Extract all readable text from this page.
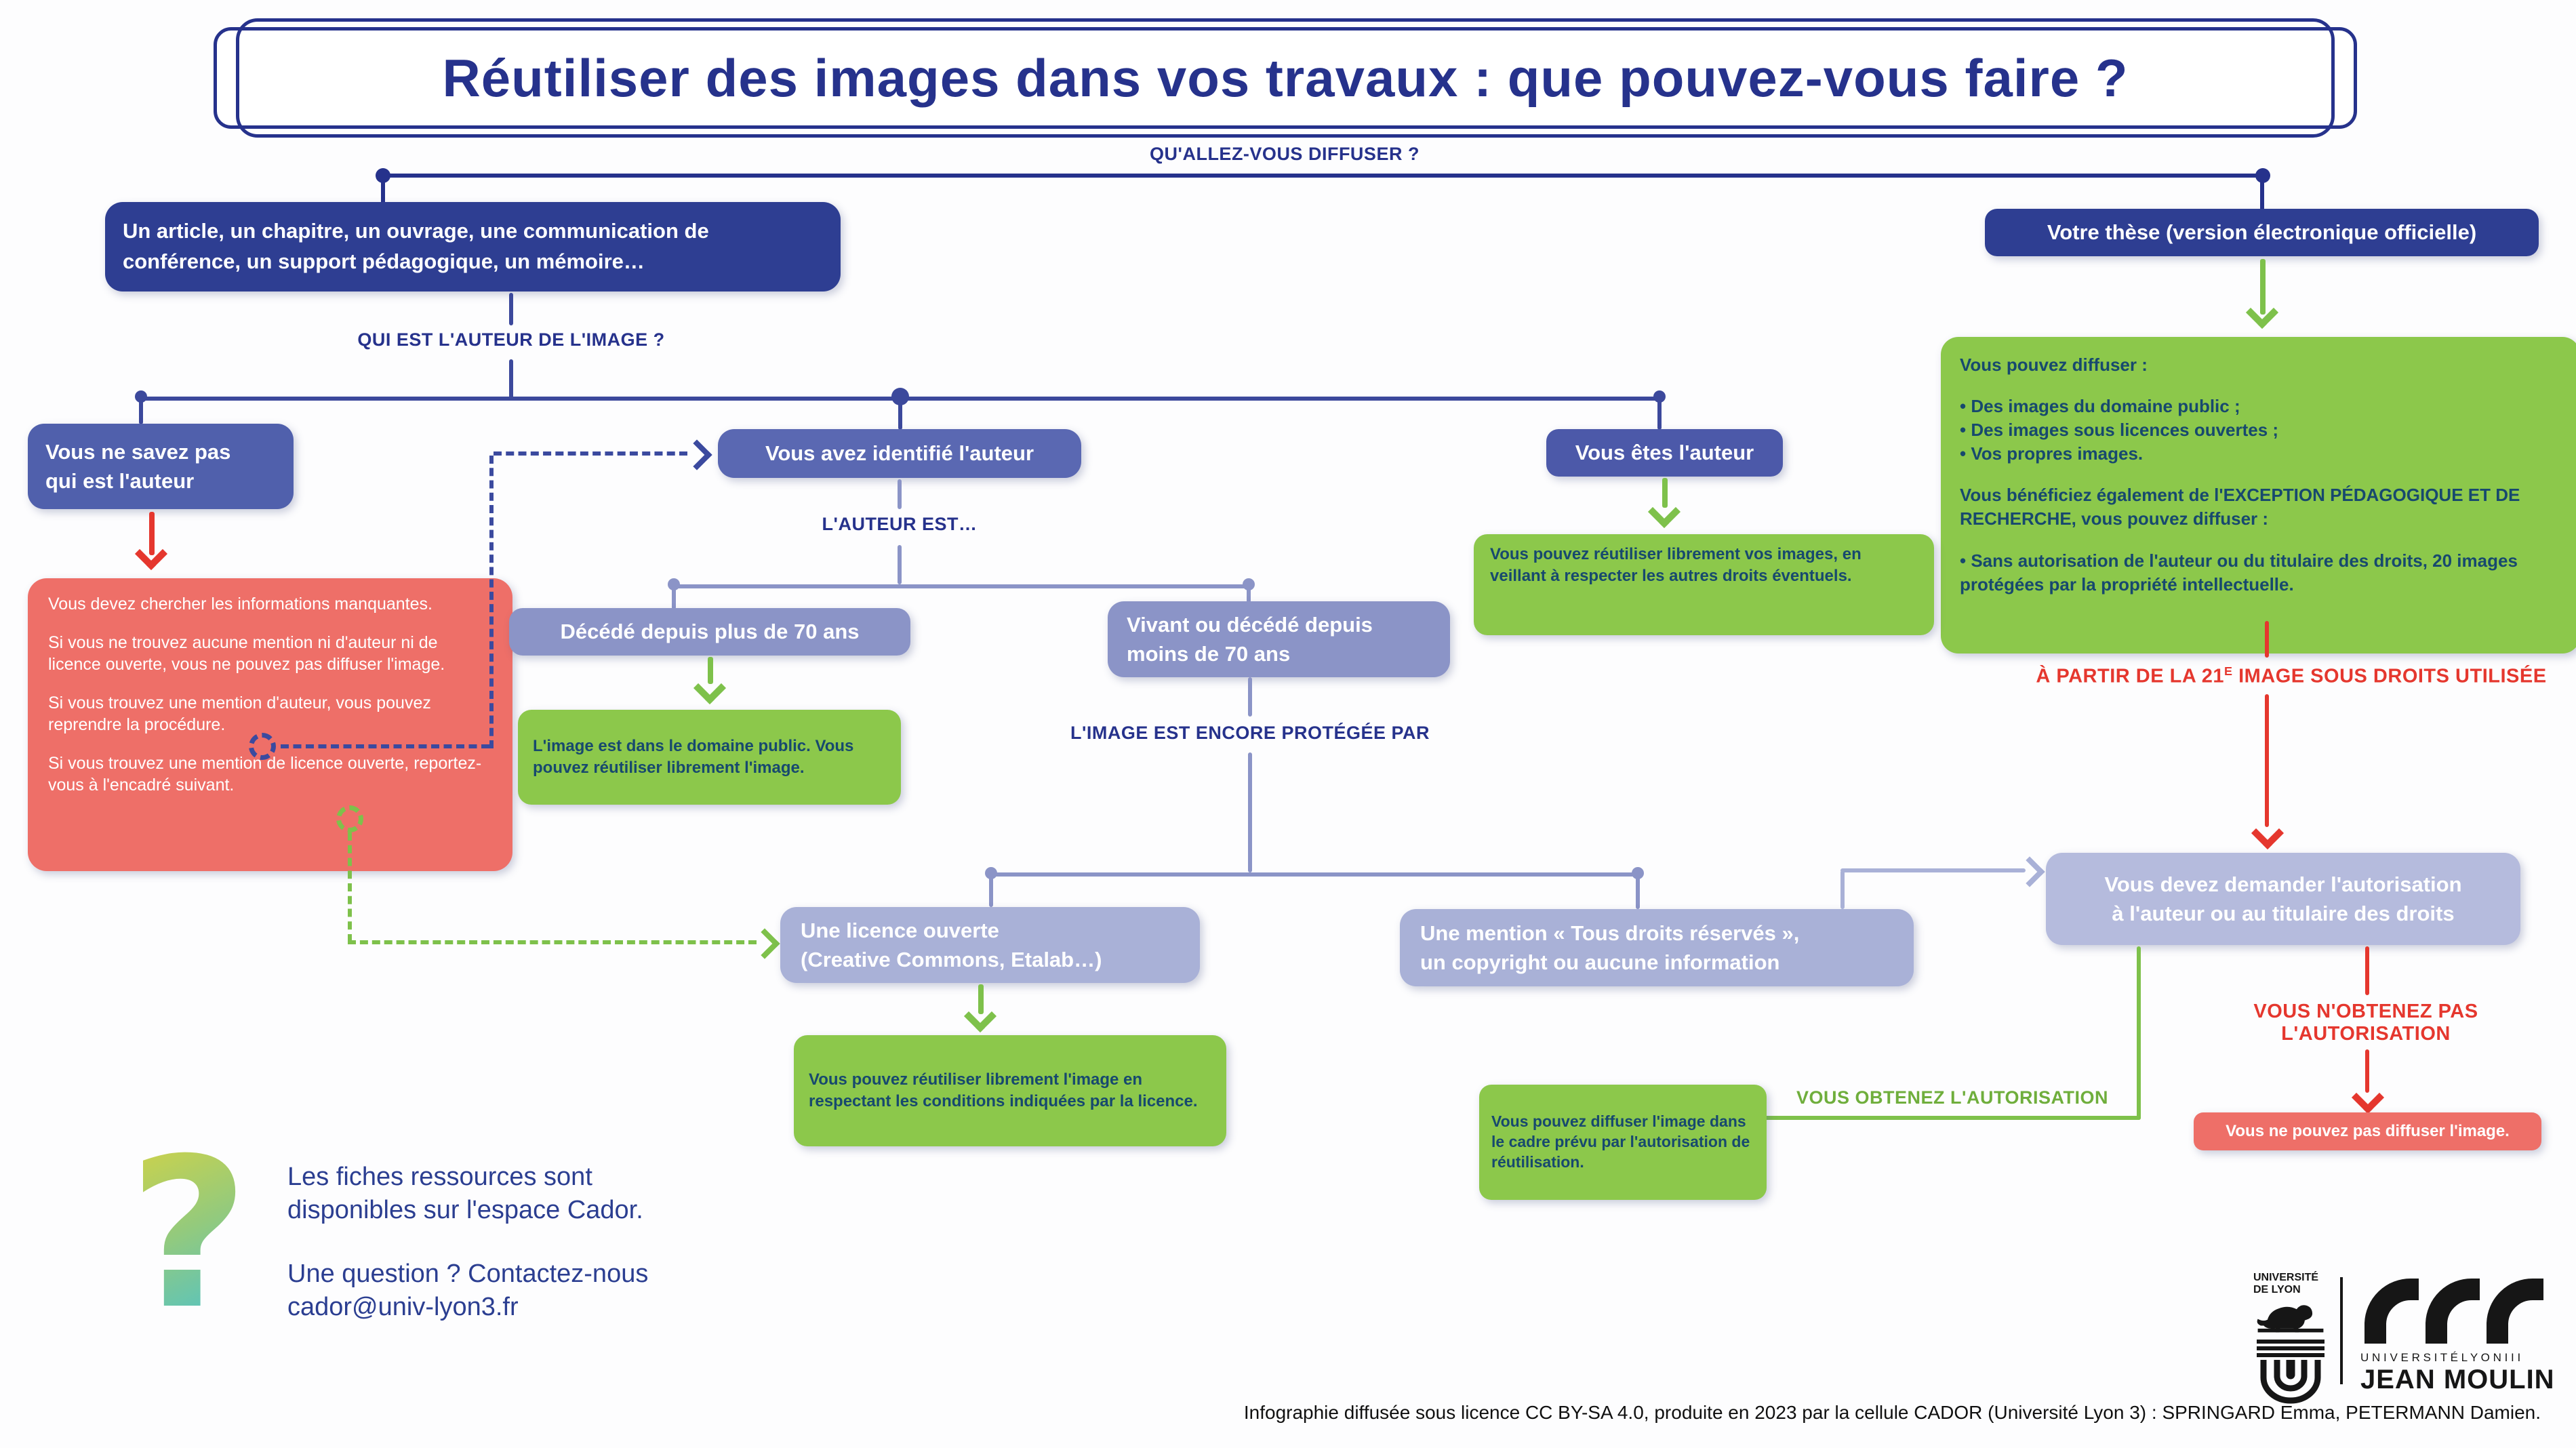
Réutiliser des images dans vos travaux : que pouvez-vous faire ?
QU'ALLEZ-VOUS DIFFUSER ?
Un article, un chapitre, un ouvrage, une communication de conférence, un support pédagogique, un mémoire…
Votre thèse (version électronique officielle)
QUI EST L'AUTEUR DE L'IMAGE ?
Vous ne savez pas
qui est l'auteur
Vous avez identifié l'auteur	Vous êtes l'auteur

Vous devez chercher les informations manquantes.

Si vous ne trouvez aucune mention ni d'auteur ni de licence ouverte, vous ne pouvez pas diffuser l'image.

Si vous trouvez une mention d'auteur, vous pouvez reprendre la procédure.

Si vous trouvez une mention de licence ouverte, reportez-vous à l'encadré suivant.

L'AUTEUR EST…
Décédé depuis plus de 70 ans	Vivant ou décédé depuis
moins de 70 ans
L'image est dans le domaine public. Vous pouvez réutiliser librement l'image.
L'IMAGE EST ENCORE PROTÉGÉE PAR
Une licence ouverte
(Creative Commons, Etalab…)
Une mention « Tous droits réservés »,
un copyright ou aucune information
Vous pouvez réutiliser librement l'image en respectant les conditions indiquées par la licence.
Vous pouvez diffuser :
• Des images du domaine public ;
• Des images sous licences ouvertes ;
• Vos propres images.
Vous bénéficiez également de l'EXCEPTION PÉDAGOGIQUE ET DE RECHERCHE, vous pouvez diffuser :
• Sans autorisation de l'auteur ou du titulaire des droits, 20 images protégées par la propriété intellectuelle.
À PARTIR DE LA $21^E$ IMAGE SOUS DROITS UTILISÉE
Vous pouvez réutiliser librement vos images, en veillant à respecter les autres droits éventuels.
Vous devez demander l'autorisation
à l'auteur ou au titulaire des droits
VOUS OBTENEZ L'AUTORISATION
VOUS N'OBTENEZ PAS
L'AUTORISATION
Vous ne pouvez pas diffuser l'image.
Vous pouvez diffuser l'image dans le cadre prévu par l'autorisation de réutilisation.
? Les fiches ressources sont
disponibles sur l'espace Cador.
Une question ? Contactez-nous
cador@univ-lyon3.fr
UNIVERSITÉ
DE LYON
U N I V E R S I T É L Y O N I I I
JEAN MOULIN
Infographie diffusée sous licence CC BY-SA 4.0, produite en 2023 par la cellule CADOR (Université Lyon 3) : SPRINGARD Emma, PETERMANN Damien.
